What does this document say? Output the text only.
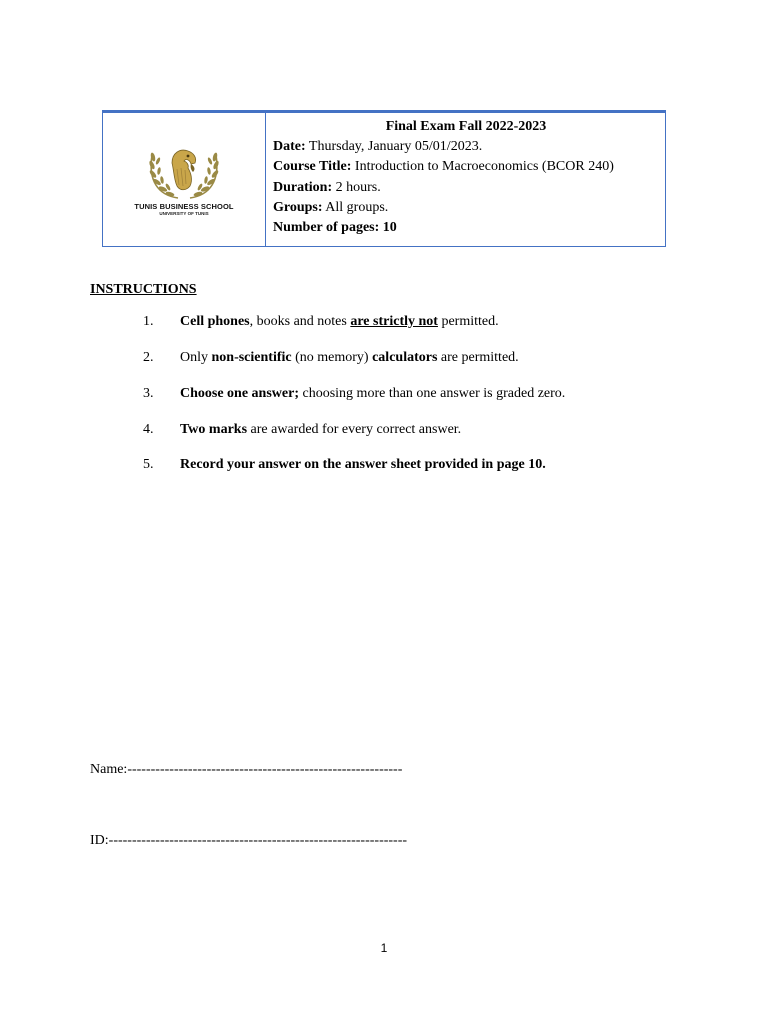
TUNIS BUSINESS SCHOOL
UNIVERSITY OF TUNIS
Final Exam Fall 2022-2023
Date: Thursday, January 05/01/2023.
Course Title: Introduction to Macroeconomics (BCOR 240)
Duration: 2 hours.
Groups: All groups.
Number of pages: 10
INSTRUCTIONS
1. Cell phones, books and notes are strictly not permitted.
2. Only non-scientific (no memory) calculators are permitted.
3. Choose one answer; choosing more than one answer is graded zero.
4. Two marks are awarded for every correct answer.
5. Record your answer on the answer sheet provided in page 10.
Name:-----------------------------------------------------------
ID:----------------------------------------------------------------
1
